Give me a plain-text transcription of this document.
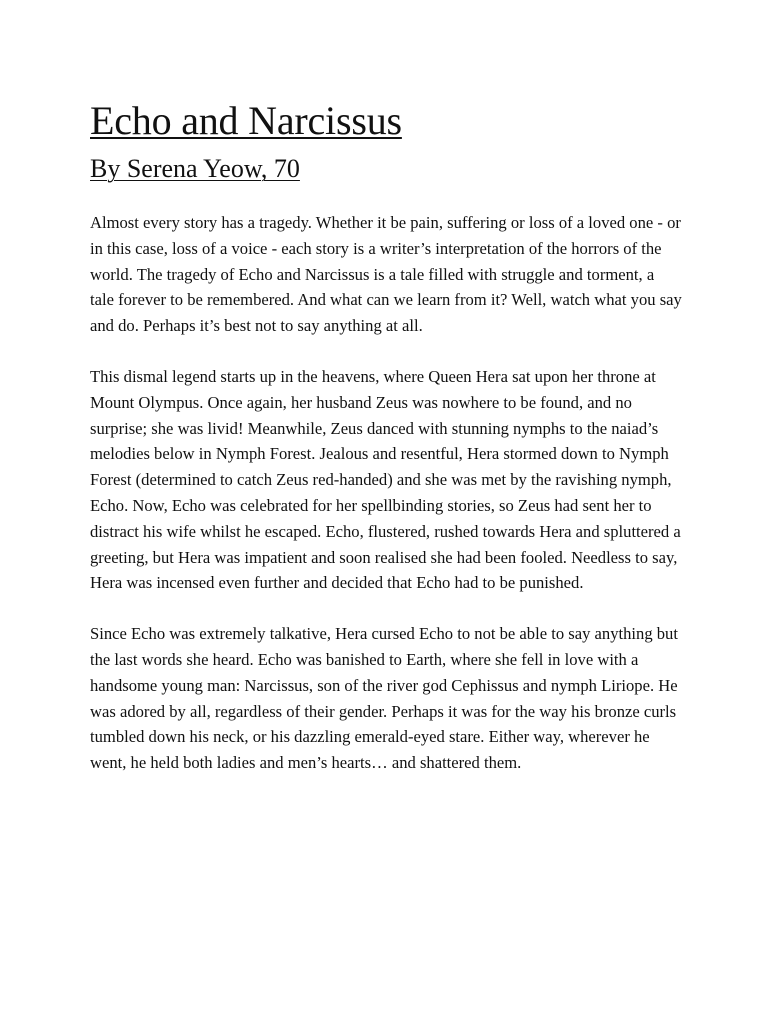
Echo and Narcissus
By Serena Yeow, 70

Almost every story has a tragedy. Whether it be pain, suffering or loss of a loved one - or in this case, loss of a voice - each story is a writer’s interpretation of the horrors of the world. The tragedy of Echo and Narcissus is a tale filled with struggle and torment, a tale forever to be remembered. And what can we learn from it? Well, watch what you say and do. Perhaps it’s best not to say anything at all.

This dismal legend starts up in the heavens, where Queen Hera sat upon her throne at Mount Olympus. Once again, her husband Zeus was nowhere to be found, and no surprise; she was livid! Meanwhile, Zeus danced with stunning nymphs to the naiad’s melodies below in Nymph Forest. Jealous and resentful, Hera stormed down to Nymph Forest (determined to catch Zeus red-handed) and she was met by the ravishing nymph, Echo. Now, Echo was celebrated for her spellbinding stories, so Zeus had sent her to distract his wife whilst he escaped. Echo, flustered, rushed towards Hera and spluttered a greeting, but Hera was impatient and soon realised she had been fooled. Needless to say, Hera was incensed even further and decided that Echo had to be punished.

Since Echo was extremely talkative, Hera cursed Echo to not be able to say anything but the last words she heard. Echo was banished to Earth, where she fell in love with a handsome young man: Narcissus, son of the river god Cephissus and nymph Liriope. He was adored by all, regardless of their gender. Perhaps it was for the way his bronze curls tumbled down his neck, or his dazzling emerald-eyed stare. Either way, wherever he went, he held both ladies and men’s hearts… and shattered them.
